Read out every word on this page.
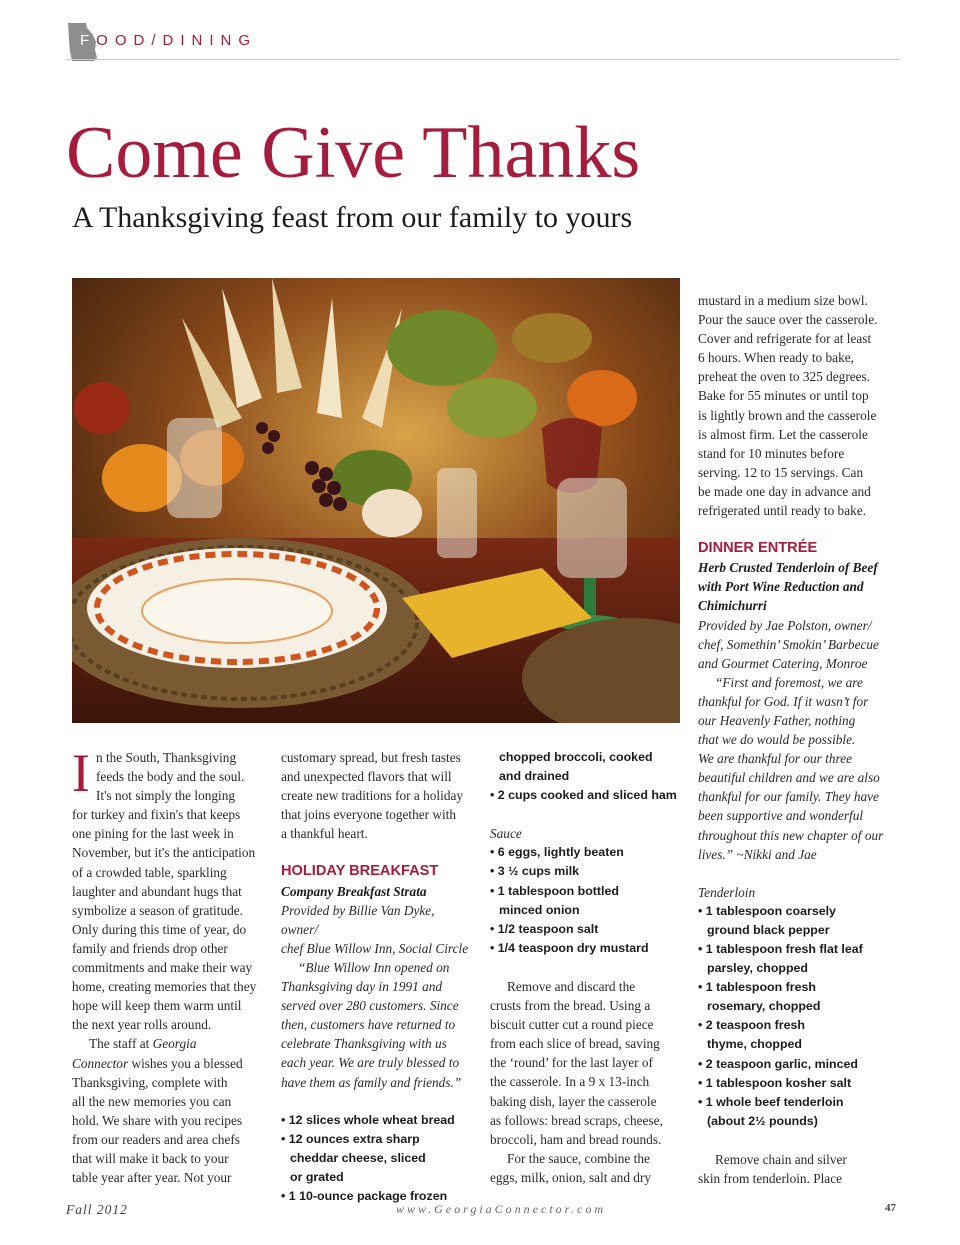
FOOD/DINING

Come Give Thanks
A Thanksgiving feast from our family to yours
I n the South, Thanksgiving
feeds the body and the soul.
It's not simply the longing
for turkey and fixin's that keeps
one pining for the last week in
November, but it's the anticipation
of a crowded table, sparkling
laughter and abundant hugs that
symbolize a season of gratitude.
Only during this time of year, do
family and friends drop other
commitments and make their way
home, creating memories that they
hope will keep them warm until
the next year rolls around.
The staff at Georgia
Connector wishes you a blessed
Thanksgiving, complete with
all the new memories you can
hold. We share with you recipes
from our readers and area chefs
that will make it back to your
table year after year. Not your
customary spread, but fresh tastes
and unexpected flavors that will
create new traditions for a holiday
that joins everyone together with
a thankful heart.
HOLIDAY BREAKFAST
Company Breakfast Strata
Provided by Billie Van Dyke, owner/
chef Blue Willow Inn, Social Circle
“Blue Willow Inn opened on
Thanksgiving day in 1991 and
served over 280 customers. Since
then, customers have returned to
celebrate Thanksgiving with us
each year. We are truly blessed to
have them as family and friends.”
• 12 slices whole wheat bread
• 12 ounces extra sharp
cheddar cheese, sliced
or grated
• 1 10-ounce package frozen
chopped broccoli, cooked
and drained
• 2 cups cooked and sliced ham
Sauce
• 6 eggs, lightly beaten
• 3 ½ cups milk
• 1 tablespoon bottled
minced onion
• 1/2 teaspoon salt
• 1/4 teaspoon dry mustard
Remove and discard the
crusts from the bread. Using a
biscuit cutter cut a round piece
from each slice of bread, saving
the ‘round’ for the last layer of
the casserole. In a 9 x 13-inch
baking dish, layer the casserole
as follows: bread scraps, cheese,
broccoli, ham and bread rounds.
For the sauce, combine the
eggs, milk, onion, salt and dry
mustard in a medium size bowl.
Pour the sauce over the casserole.
Cover and refrigerate for at least
6 hours. When ready to bake,
preheat the oven to 325 degrees.
Bake for 55 minutes or until top
is lightly brown and the casserole
is almost firm. Let the casserole
stand for 10 minutes before
serving. 12 to 15 servings. Can
be made one day in advance and
refrigerated until ready to bake.
DINNER ENTRÉE
Herb Crusted Tenderloin of Beef
with Port Wine Reduction and
Chimichurri
Provided by Jae Polston, owner/
chef, Somethin’ Smokin’ Barbecue
and Gourmet Catering, Monroe
“First and foremost, we are
thankful for God. If it wasn’t for
our Heavenly Father, nothing
that we do would be possible.
We are thankful for our three
beautiful children and we are also
thankful for our family. They have
been supportive and wonderful
throughout this new chapter of our
lives.” ~Nikki and Jae
Tenderloin
• 1 tablespoon coarsely
ground black pepper
• 1 tablespoon fresh flat leaf
parsley, chopped
• 1 tablespoon fresh
rosemary, chopped
• 2 teaspoon fresh
thyme, chopped
• 2 teaspoon garlic, minced
• 1 tablespoon kosher salt
• 1 whole beef tenderloin
(about 2½ pounds)
Remove chain and silver
skin from tenderloin. Place

Fall 2012	www.GeorgiaConnector.com	47
